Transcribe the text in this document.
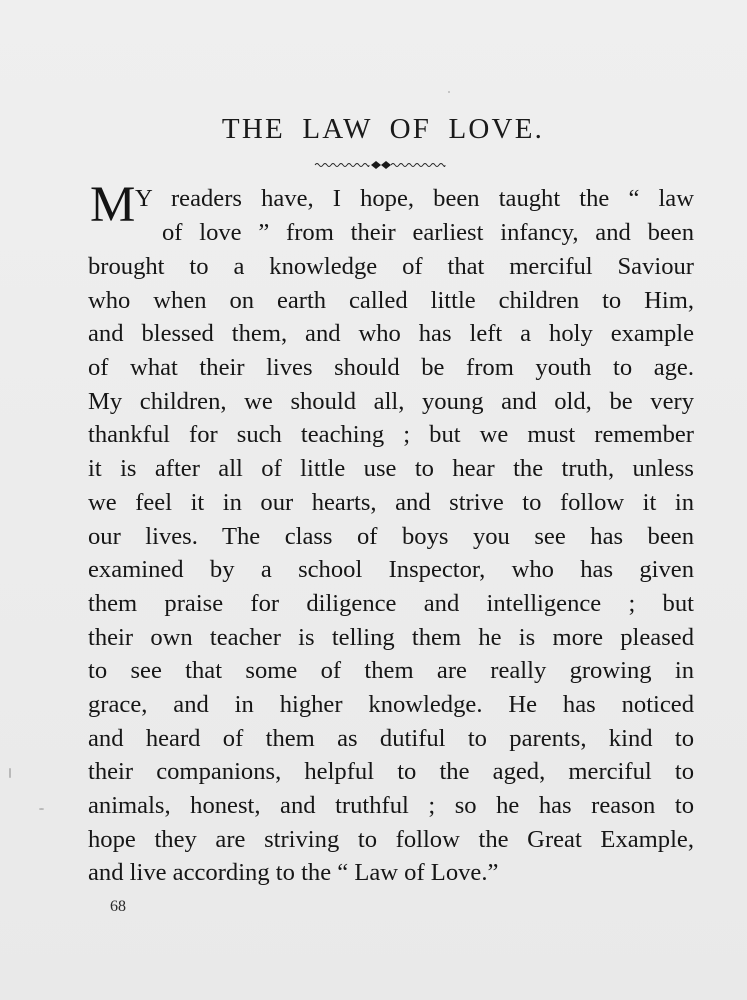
THE LAW OF LOVE.
M Y readers have, I hope, been taught the “ law
of love ” from their earliest infancy, and been
brought to a knowledge of that merciful Saviour
who when on earth called little children to Him,
and blessed them, and who has left a holy example
of what their lives should be from youth to age.
My children, we should all, young and old, be very
thankful for such teaching ; but we must remember
it is after all of little use to hear the truth, unless
we feel it in our hearts, and strive to follow it in
our lives. The class of boys you see has been
examined by a school Inspector, who has given
them praise for diligence and intelligence ; but
their own teacher is telling them he is more pleased
to see that some of them are really growing in
grace, and in higher knowledge. He has noticed
and heard of them as dutiful to parents, kind to
their companions, helpful to the aged, merciful to
animals, honest, and truthful ; so he has reason to
hope they are striving to follow the Great Example,
and live according to the “ Law of Love.”
68
